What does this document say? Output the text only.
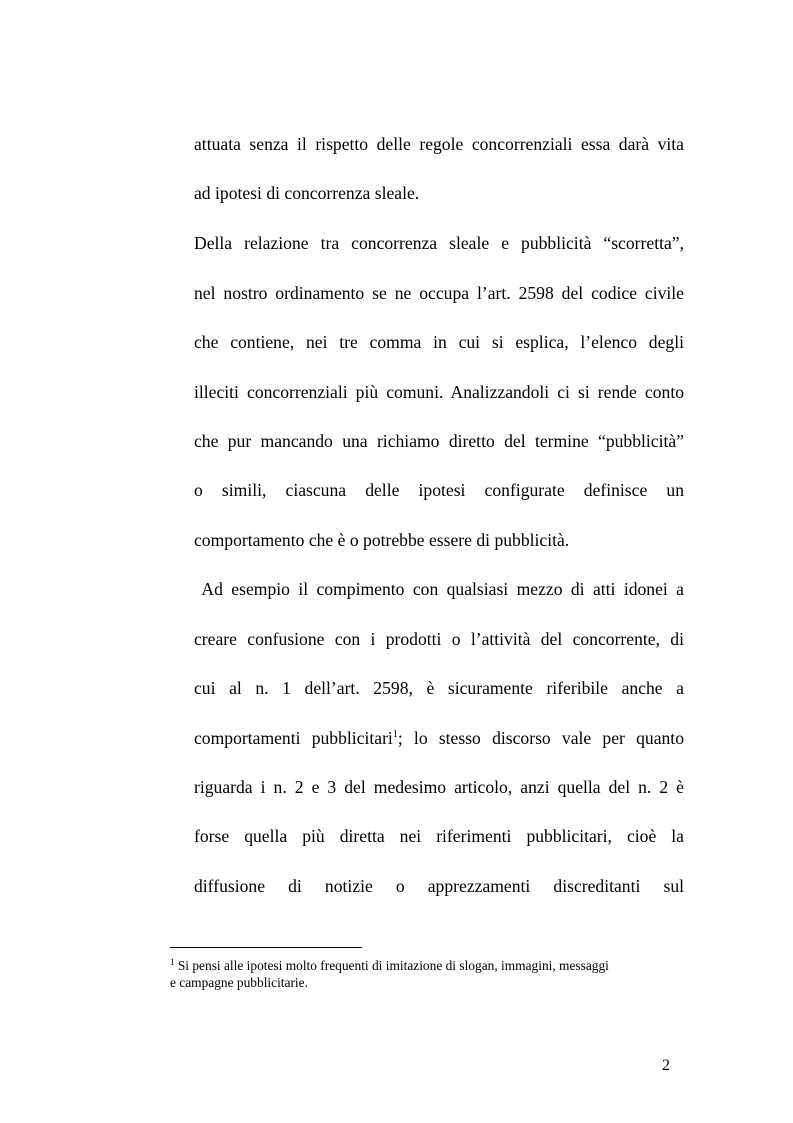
attuata senza il rispetto delle regole concorrenziali essa darà vita
ad ipotesi di concorrenza sleale.
Della relazione tra concorrenza sleale e pubblicità “scorretta”,
nel nostro ordinamento se ne occupa l’art. 2598 del codice civile
che contiene, nei tre comma in cui si esplica, l’elenco degli
illeciti concorrenziali più comuni. Analizzandoli ci si rende conto
che pur mancando una richiamo diretto del termine “pubblicità”
o simili, ciascuna delle ipotesi configurate definisce un
comportamento che è o potrebbe essere di pubblicità.
Ad esempio il compimento con qualsiasi mezzo di atti idonei a
creare confusione con i prodotti o l’attività del concorrente, di
cui al n. 1 dell’art. 2598, è sicuramente riferibile anche a
comportamenti pubblicitari$^1$; lo stesso discorso vale per quanto
riguarda i n. 2 e 3 del medesimo articolo, anzi quella del n. 2 è
forse quella più diretta nei riferimenti pubblicitari, cioè la
diffusione di notizie o apprezzamenti discreditanti sul
$^1$ Si pensi alle ipotesi molto frequenti di imitazione di slogan, immagini, messaggi
e campagne pubblicitarie.
2
